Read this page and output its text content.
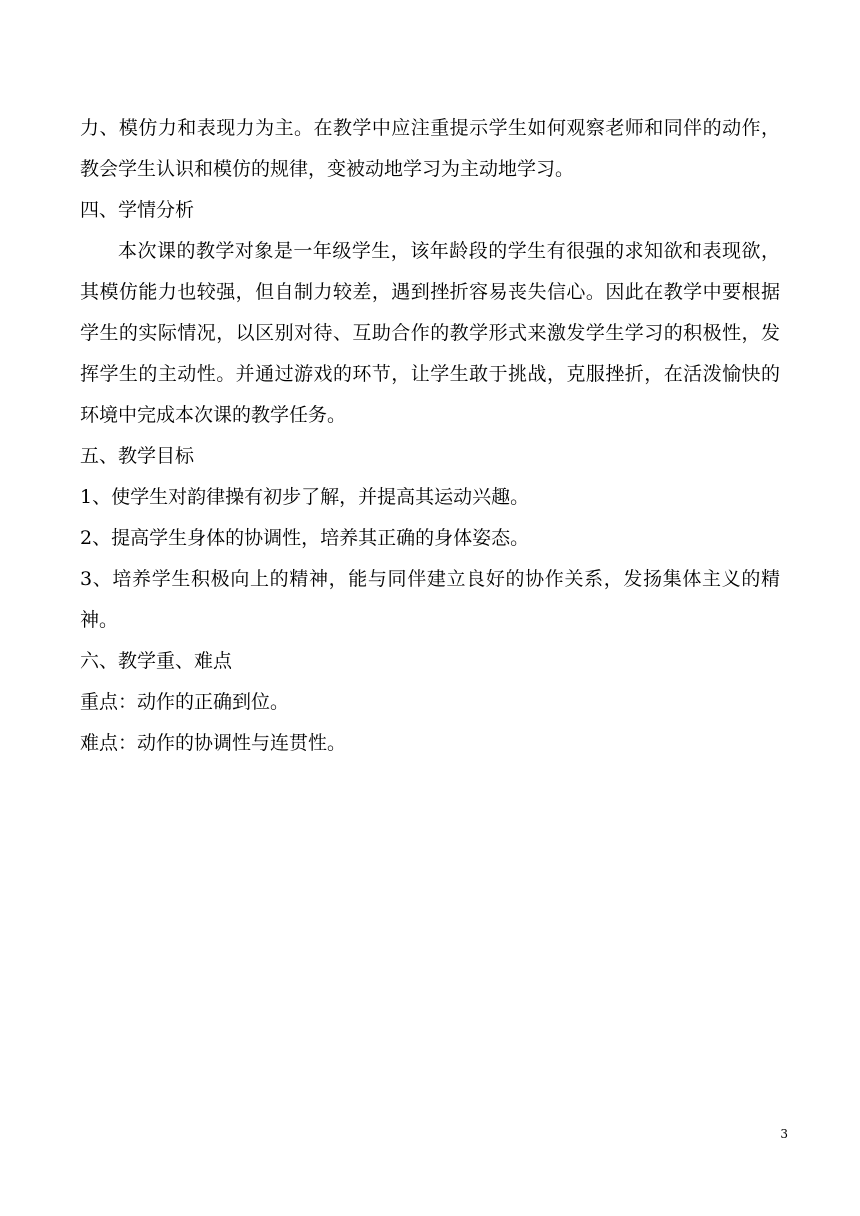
力、模仿力和表现力为主。在教学中应注重提示学生如何观察老师和同伴的动作，教会学生认识和模仿的规律，变被动地学习为主动地学习。

四、学情分析

本次课的教学对象是一年级学生，该年龄段的学生有很强的求知欲和表现欲，其模仿能力也较强，但自制力较差，遇到挫折容易丧失信心。因此在教学中要根据学生的实际情况，以区别对待、互助合作的教学形式来激发学生学习的积极性，发挥学生的主动性。并通过游戏的环节，让学生敢于挑战，克服挫折，在活泼愉快的环境中完成本次课的教学任务。

五、教学目标

1、使学生对韵律操有初步了解，并提高其运动兴趣。

2、提高学生身体的协调性，培养其正确的身体姿态。

3、培养学生积极向上的精神，能与同伴建立良好的协作关系，发扬集体主义的精神。

六、教学重、难点

重点：动作的正确到位。

难点：动作的协调性与连贯性。

3
